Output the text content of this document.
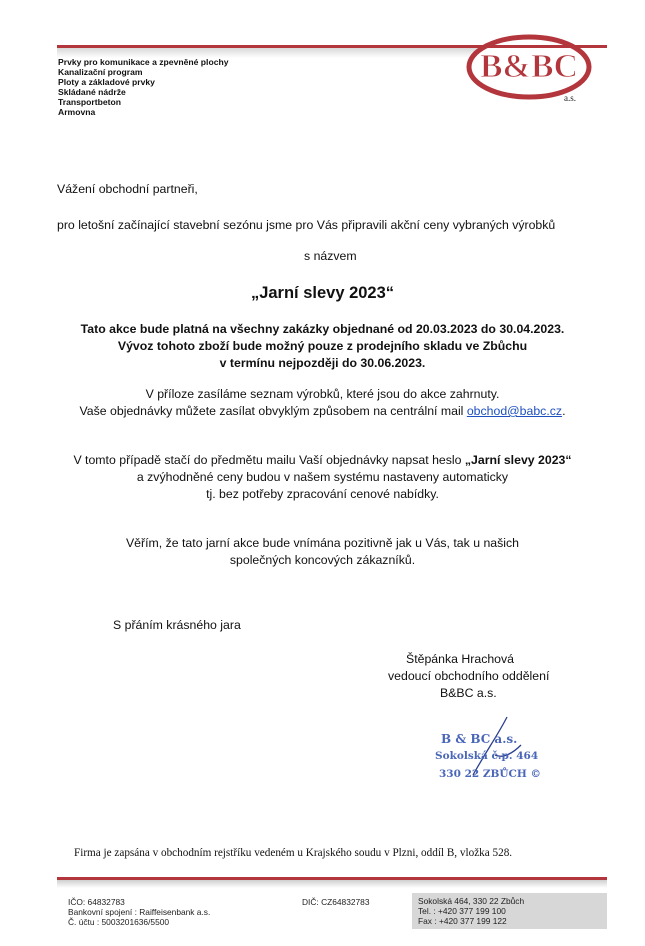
Prvky pro komunikace a zpevněné plochy
Kanalizační program
Ploty a základové prvky
Skládané nádrže
Transportbeton
Armovna
B&BC
a.s.
Vážení obchodní partneři,
pro letošní začínající stavební sezónu jsme pro Vás připravili akční ceny vybraných výrobků
s názvem
„Jarní slevy 2023“
Tato akce bude platná na všechny zakázky objednané od 20.03.2023 do 30.04.2023.
Vývoz tohoto zboží bude možný pouze z prodejního skladu ve Zbůchu
v termínu nejpozději do 30.06.2023.
V příloze zasíláme seznam výrobků, které jsou do akce zahrnuty.
Vaše objednávky můžete zasílat obvyklým způsobem na centrální mail obchod@babc.cz.
V tomto případě stačí do předmětu mailu Vaší objednávky napsat heslo „Jarní slevy 2023“
a zvýhodněné ceny budou v našem systému nastaveny automaticky
tj. bez potřeby zpracování cenové nabídky.
Věřím, že tato jarní akce bude vnímána pozitivně jak u Vás, tak u našich
společných koncových zákazníků.
S přáním krásného jara
Štěpánka Hrachová
vedoucí obchodního oddělení
B&BC a.s.
B & BC a.s.
Sokolská č.p. 464
330 22 ZBŮCH ©
Firma je zapsána v obchodním rejstříku vedeném u Krajského soudu v Plzni, oddíl B, vložka 528.
IČO: 64832783
Bankovní spojení : Raiffeisenbank a.s.
Č. účtu : 5003201636/5500
DIČ: CZ64832783	Sokolská 464, 330 22 Zbůch
Tel. : +420 377 199 100
Fax : +420 377 199 122
